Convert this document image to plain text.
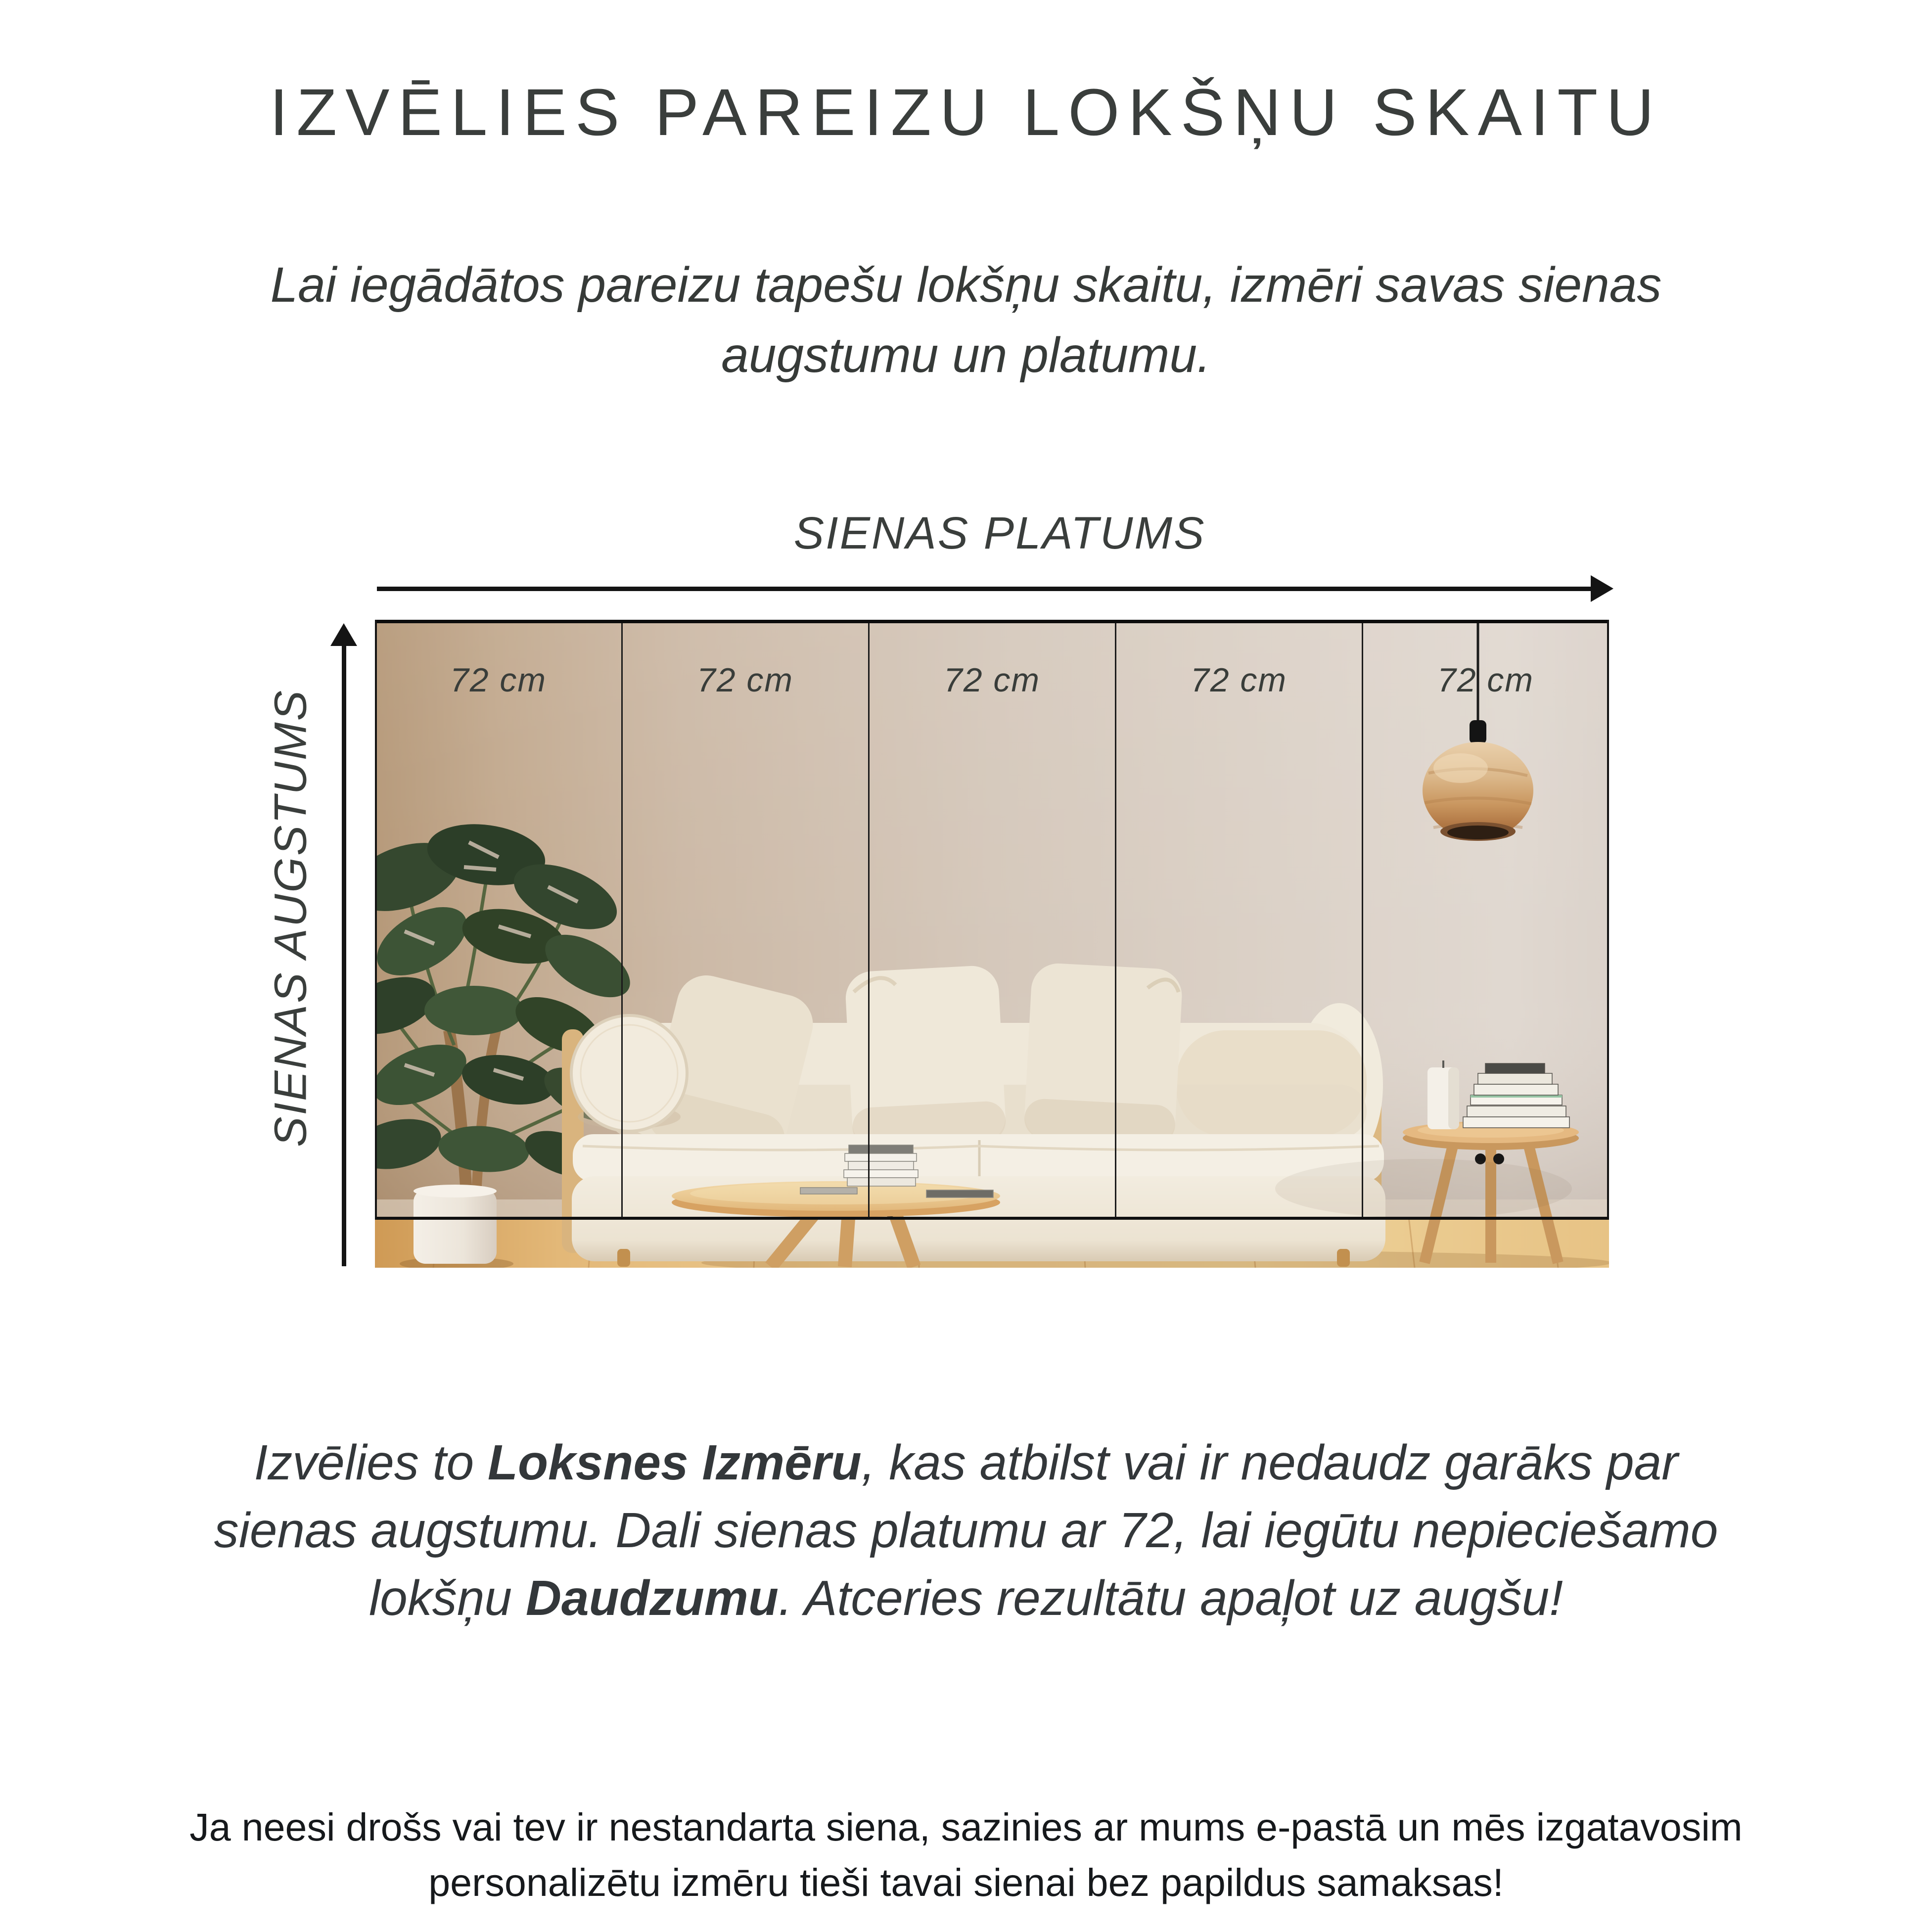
IZVĒLIES PAREIZU LOKŠŅU SKAITU
Lai iegādātos pareizu tapešu lokšņu skaitu, izmēri savas sienas
augstumu un platumu.
SIENAS PLATUMS
SIENAS AUGSTUMS
72 cm	72 cm	72 cm	72 cm	72 cm
Izvēlies to Loksnes Izmēru, kas atbilst vai ir nedaudz garāks par
sienas augstumu. Dali sienas platumu ar 72, lai iegūtu nepieciešamo
lokšņu Daudzumu. Atceries rezultātu apaļot uz augšu!
Ja neesi drošs vai tev ir nestandarta siena, sazinies ar mums e-pastā un mēs izgatavosim
personalizētu izmēru tieši tavai sienai bez papildus samaksas!
